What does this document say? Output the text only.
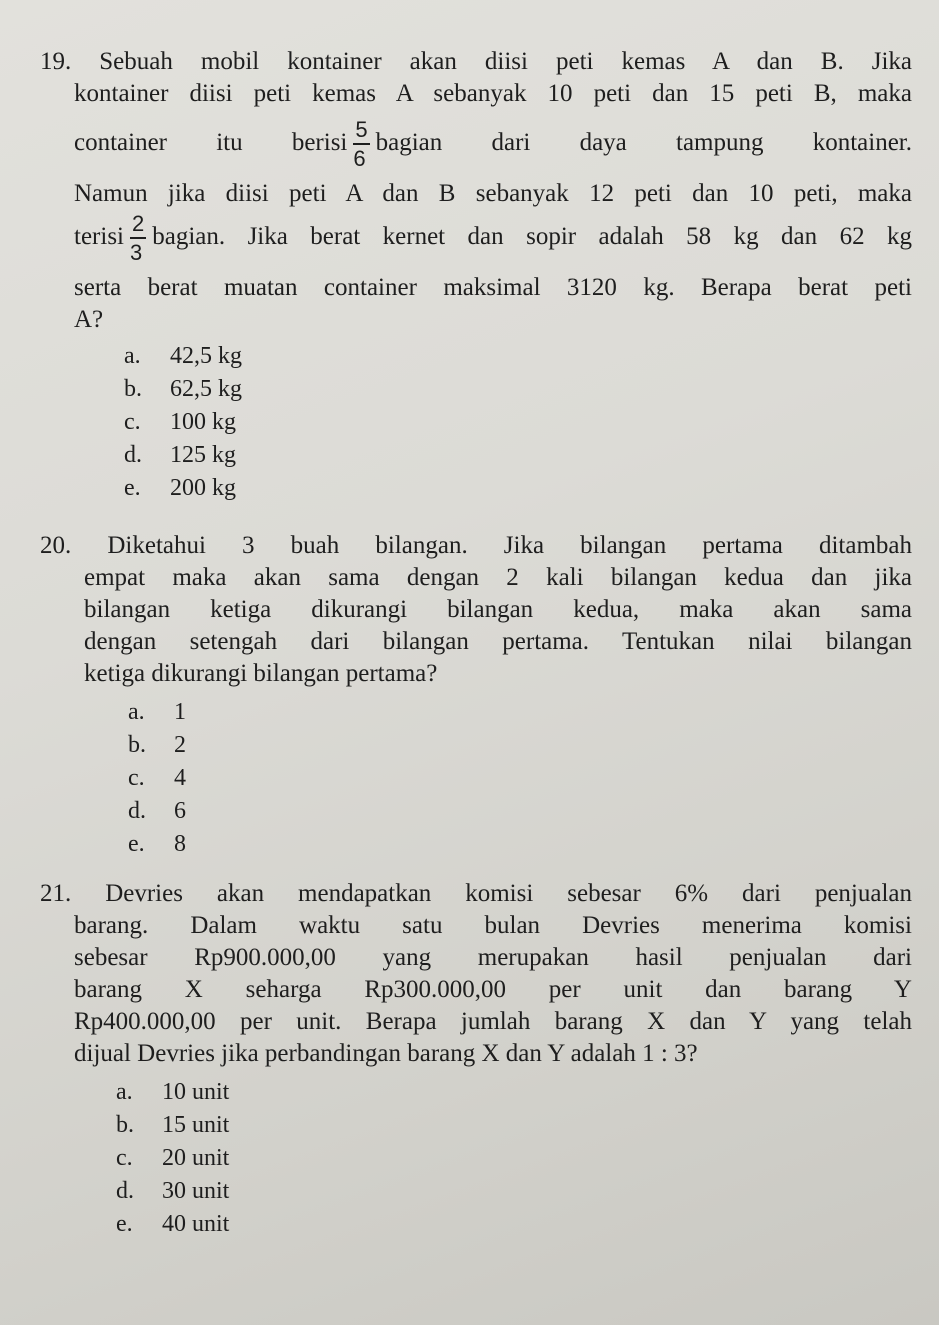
19. Sebuah mobil kontainer akan diisi peti kemas A dan B. Jika
kontainer diisi peti kemas A sebanyak 10 peti dan 15 peti B, maka
container itu berisi $\frac{5}{6}$ bagian dari daya tampung kontainer.
Namun jika diisi peti A dan B sebanyak 12 peti dan 10 peti, maka
terisi $\frac{2}{3}$ bagian. Jika berat kernet dan sopir adalah 58 kg dan 62 kg
serta berat muatan container maksimal 3120 kg. Berapa berat peti
A?
a.	42,5 kg
b.	62,5 kg
c.	100 kg
d.	125 kg
e.	200 kg
20. Diketahui 3 buah bilangan. Jika bilangan pertama ditambah
empat maka akan sama dengan 2 kali bilangan kedua dan jika
bilangan ketiga dikurangi bilangan kedua, maka akan sama
dengan setengah dari bilangan pertama. Tentukan nilai bilangan
ketiga dikurangi bilangan pertama?
a.	1
b.	2
c.	4
d.	6
e.	8
21. Devries akan mendapatkan komisi sebesar 6% dari penjualan
barang. Dalam waktu satu bulan Devries menerima komisi
sebesar Rp900.000,00 yang merupakan hasil penjualan dari
barang X seharga Rp300.000,00 per unit dan barang Y
Rp400.000,00 per unit. Berapa jumlah barang X dan Y yang telah
dijual Devries jika perbandingan barang X dan Y adalah 1 : 3?
a.	10 unit
b.	15 unit
c.	20 unit
d.	30 unit
e.	40 unit
